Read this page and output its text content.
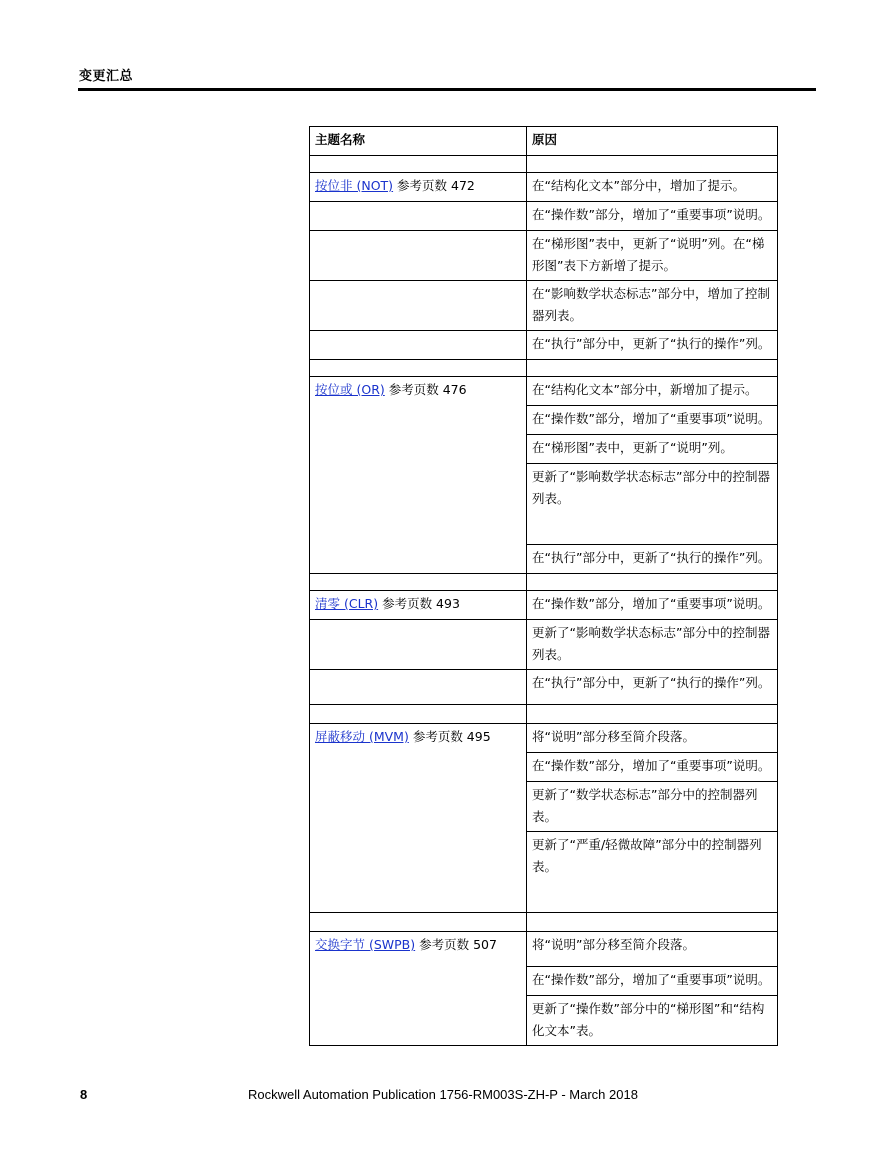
变更汇总
主题名称	原因

按位非 (NOT) 参考页数 472	在“结构化文本”部分中，增加了提示。
	在“操作数”部分，增加了“重要事项”说明。
	在“梯形图”表中，更新了“说明”列。在“梯形图”表下方新增了提示。
	在“影响数学状态标志”部分中，增加了控制器列表。
	在“执行”部分中，更新了“执行的操作”列。

按位或 (OR) 参考页数 476	在“结构化文本”部分中，新增加了提示。
	在“操作数”部分，增加了“重要事项”说明。
	在“梯形图”表中，更新了“说明”列。
	更新了“影响数学状态标志”部分中的控制器列表。
	在“执行”部分中，更新了“执行的操作”列。

清零 (CLR) 参考页数 493	在“操作数”部分，增加了“重要事项”说明。
	更新了“影响数学状态标志”部分中的控制器列表。
	在“执行”部分中，更新了“执行的操作”列。

屏蔽移动 (MVM) 参考页数 495	将“说明”部分移至简介段落。
	在“操作数”部分，增加了“重要事项”说明。
	更新了“数学状态标志”部分中的控制器列表。
	更新了“严重/轻微故障”部分中的控制器列表。

交换字节 (SWPB) 参考页数 507	将“说明”部分移至简介段落。
	在“操作数”部分，增加了“重要事项”说明。
	更新了“操作数”部分中的“梯形图”和“结构化文本”表。
8	Rockwell Automation Publication 1756-RM003S-ZH-P - March 2018
